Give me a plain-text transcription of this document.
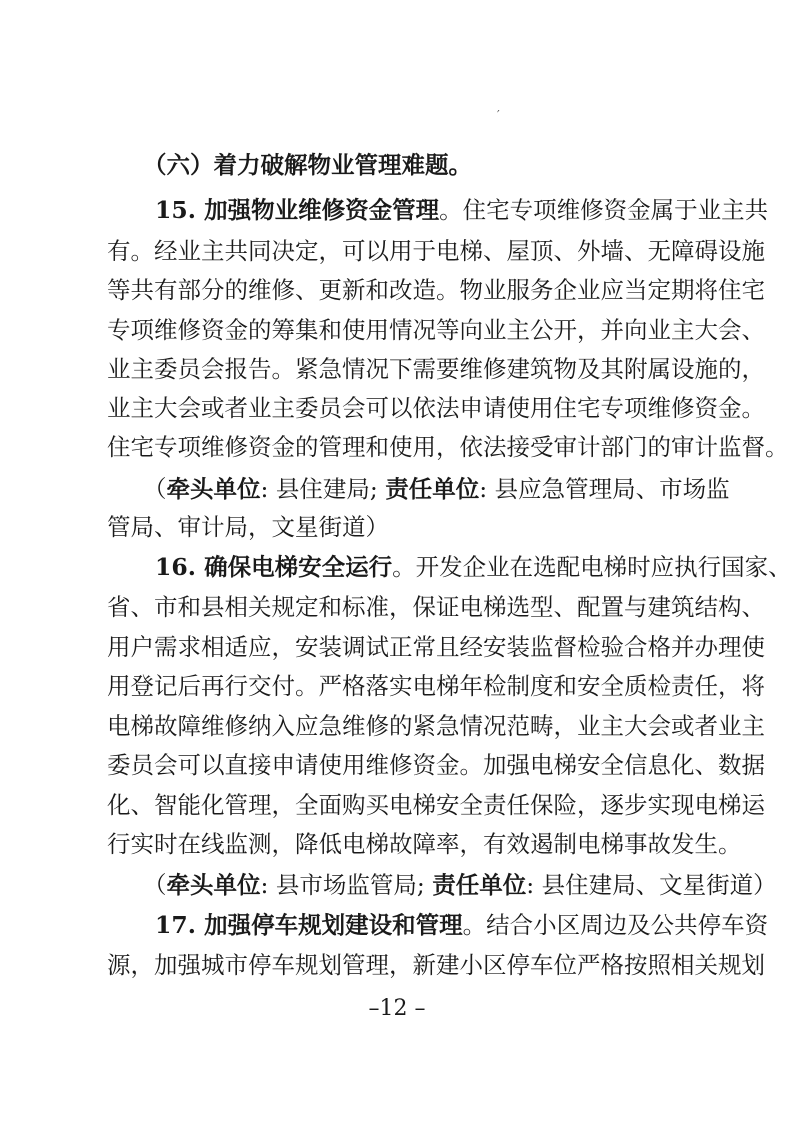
′
（六）着力破解物业管理难题。
15. 加强物业维修资金管理。住宅专项维修资金属于业主共
有。经业主共同决定，可以用于电梯、屋顶、外墙、无障碍设施
等共有部分的维修、更新和改造。物业服务企业应当定期将住宅
专项维修资金的筹集和使用情况等向业主公开，并向业主大会、
业主委员会报告。紧急情况下需要维修建筑物及其附属设施的，
业主大会或者业主委员会可以依法申请使用住宅专项维修资金。
住宅专项维修资金的管理和使用，依法接受审计部门的审计监督。
（牵头单位: 县住建局; 责任单位: 县应急管理局、市场监
管局、审计局，文星街道）
16. 确保电梯安全运行。开发企业在选配电梯时应执行国家、
省、市和县相关规定和标准，保证电梯选型、配置与建筑结构、
用户需求相适应，安装调试正常且经安装监督检验合格并办理使
用登记后再行交付。严格落实电梯年检制度和安全质检责任，将
电梯故障维修纳入应急维修的紧急情况范畴，业主大会或者业主
委员会可以直接申请使用维修资金。加强电梯安全信息化、数据
化、智能化管理，全面购买电梯安全责任保险，逐步实现电梯运
行实时在线监测，降低电梯故障率，有效遏制电梯事故发生。
（牵头单位: 县市场监管局; 责任单位: 县住建局、文星街道）
17. 加强停车规划建设和管理。结合小区周边及公共停车资
源，加强城市停车规划管理，新建小区停车位严格按照相关规划
–12 –
